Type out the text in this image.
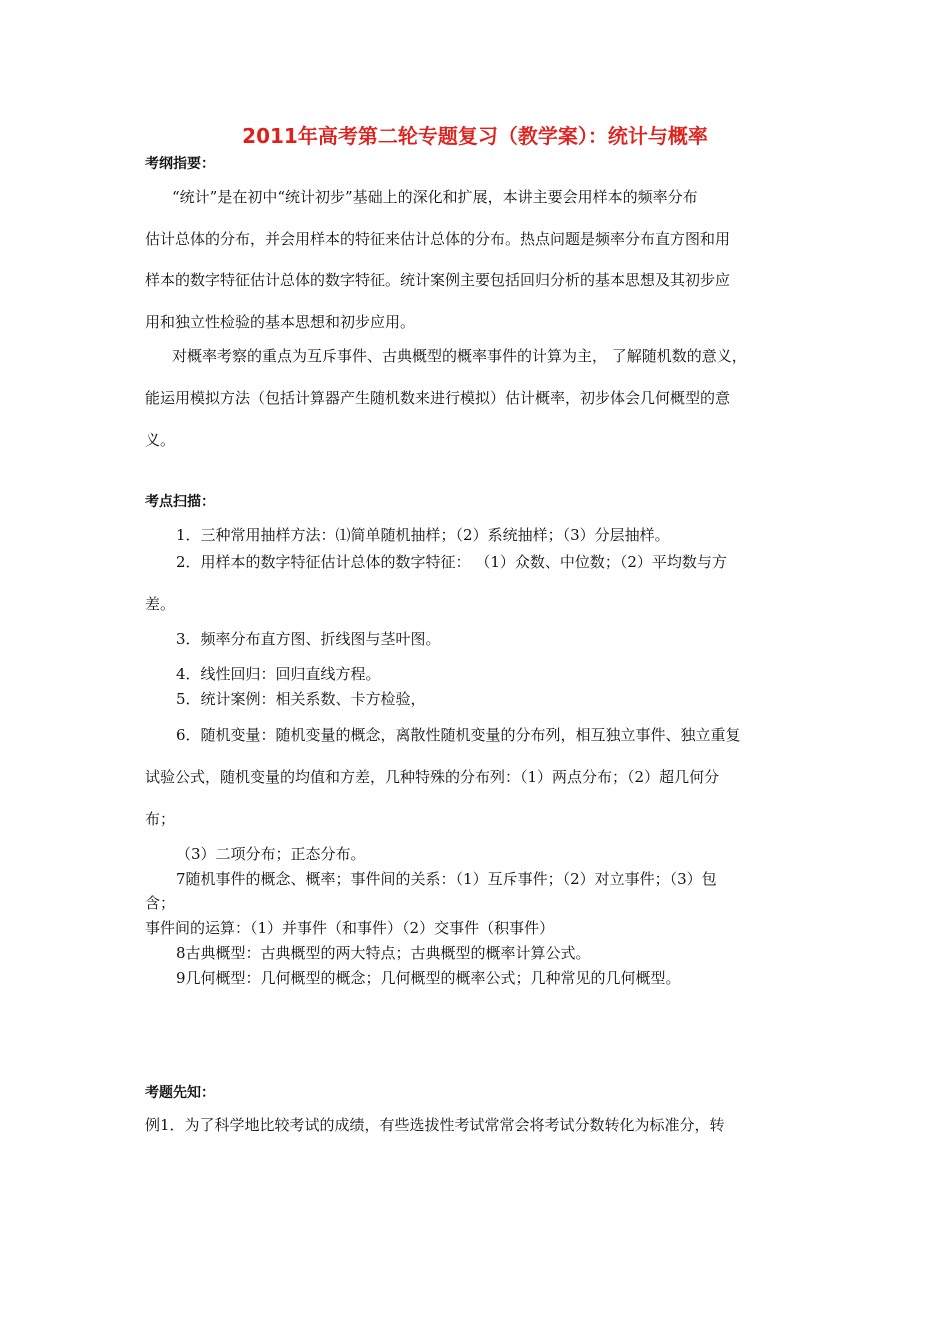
2011年高考第二轮专题复习（教学案）：统计与概率
考纲指要：
“统计”是在初中“统计初步”基础上的深化和扩展，本讲主要会用样本的频率分布
估计总体的分布，并会用样本的特征来估计总体的分布。热点问题是频率分布直方图和用
样本的数字特征估计总体的数字特征。统计案例主要包括回归分析的基本思想及其初步应
用和独立性检验的基本思想和初步应用。
对概率考察的重点为互斥事件、古典概型的概率事件的计算为主， 了解随机数的意义，
能运用模拟方法（包括计算器产生随机数来进行模拟）估计概率，初步体会几何概型的意
义。
考点扫描：
1．三种常用抽样方法：⑴简单随机抽样；（2）系统抽样；（3）分层抽样。
2．用样本的数字特征估计总体的数字特征： （1）众数、中位数；（2）平均数与方
差。
3．频率分布直方图、折线图与茎叶图。
4．线性回归：回归直线方程。
5．统计案例：相关系数、卡方检验，
6．随机变量：随机变量的概念，离散性随机变量的分布列，相互独立事件、独立重复
试验公式，随机变量的均值和方差，几种特殊的分布列：（1）两点分布；（2）超几何分
布；
（3）二项分布；正态分布。
7随机事件的概念、概率；事件间的关系：（1）互斥事件；（2）对立事件；（3）包
含；
事件间的运算：（1）并事件（和事件）（2）交事件（积事件）
8古典概型：古典概型的两大特点；古典概型的概率计算公式。
9几何概型：几何概型的概念；几何概型的概率公式；几种常见的几何概型。
考题先知：
例1．为了科学地比较考试的成绩，有些选拔性考试常常会将考试分数转化为标准分，转
